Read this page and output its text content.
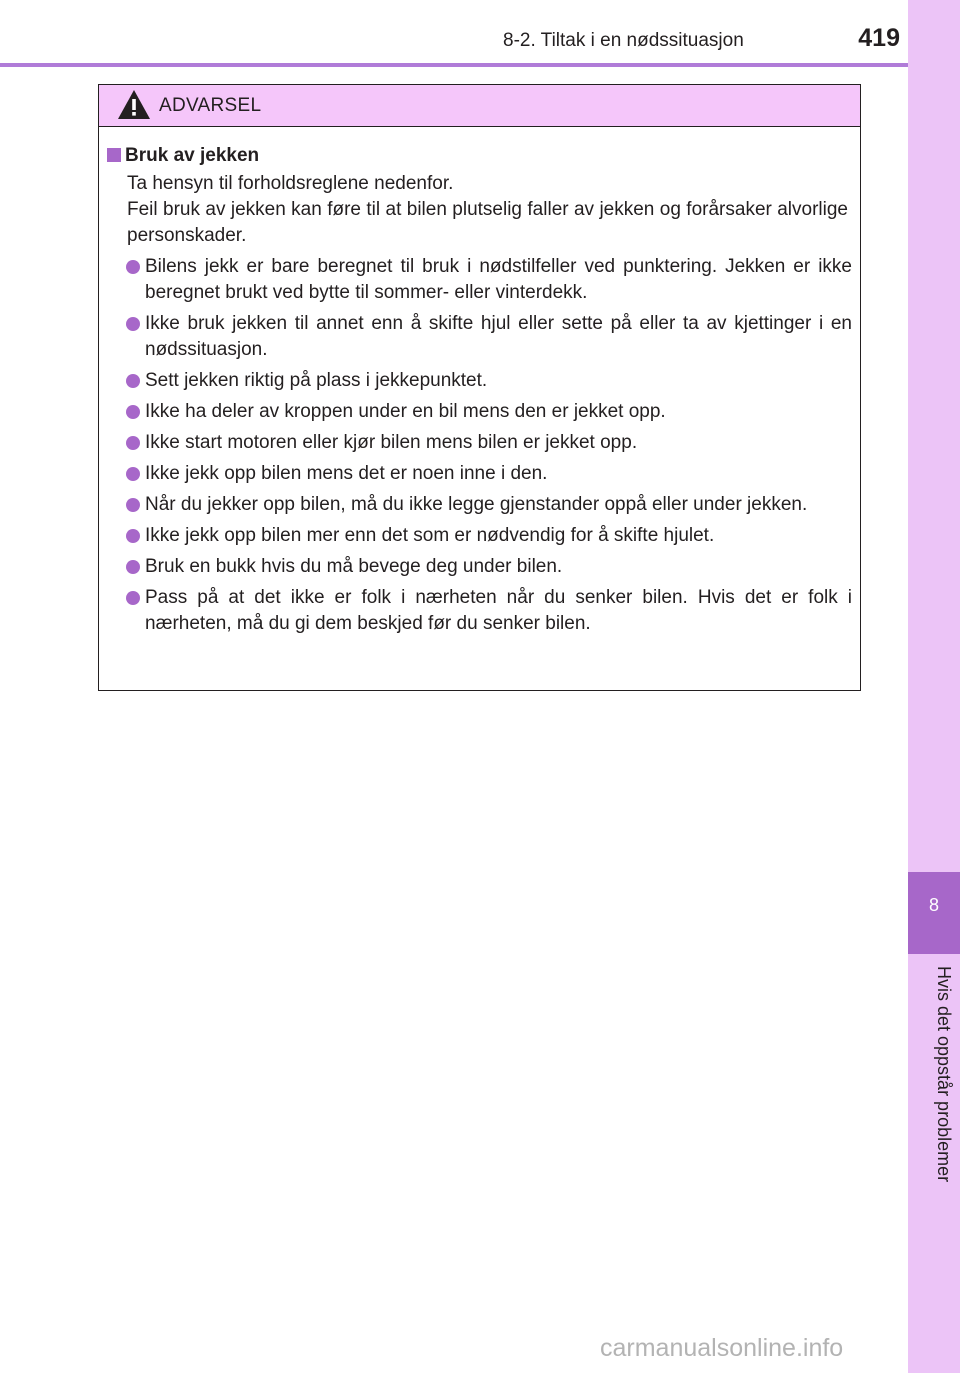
8-2. Tiltak i en nødssituasjon	419
8
Hvis det oppstår problemer
ADVARSEL
Bruk av jekken
Ta hensyn til forholdsreglene nedenfor.
Feil bruk av jekken kan føre til at bilen plutselig faller av jekken og forårsaker alvorlige personskader.
Bilens jekk er bare beregnet til bruk i nødstilfeller ved punktering. Jekken er ikke beregnet brukt ved bytte til sommer- eller vinterdekk.
Ikke bruk jekken til annet enn å skifte hjul eller sette på eller ta av kjettinger i en nødssituasjon.
Sett jekken riktig på plass i jekkepunktet.
Ikke ha deler av kroppen under en bil mens den er jekket opp.
Ikke start motoren eller kjør bilen mens bilen er jekket opp.
Ikke jekk opp bilen mens det er noen inne i den.
Når du jekker opp bilen, må du ikke legge gjenstander oppå eller under jekken.
Ikke jekk opp bilen mer enn det som er nødvendig for å skifte hjulet.
Bruk en bukk hvis du må bevege deg under bilen.
Pass på at det ikke er folk i nærheten når du senker bilen. Hvis det er folk i nærheten, må du gi dem beskjed før du senker bilen.
carmanualsonline.info
